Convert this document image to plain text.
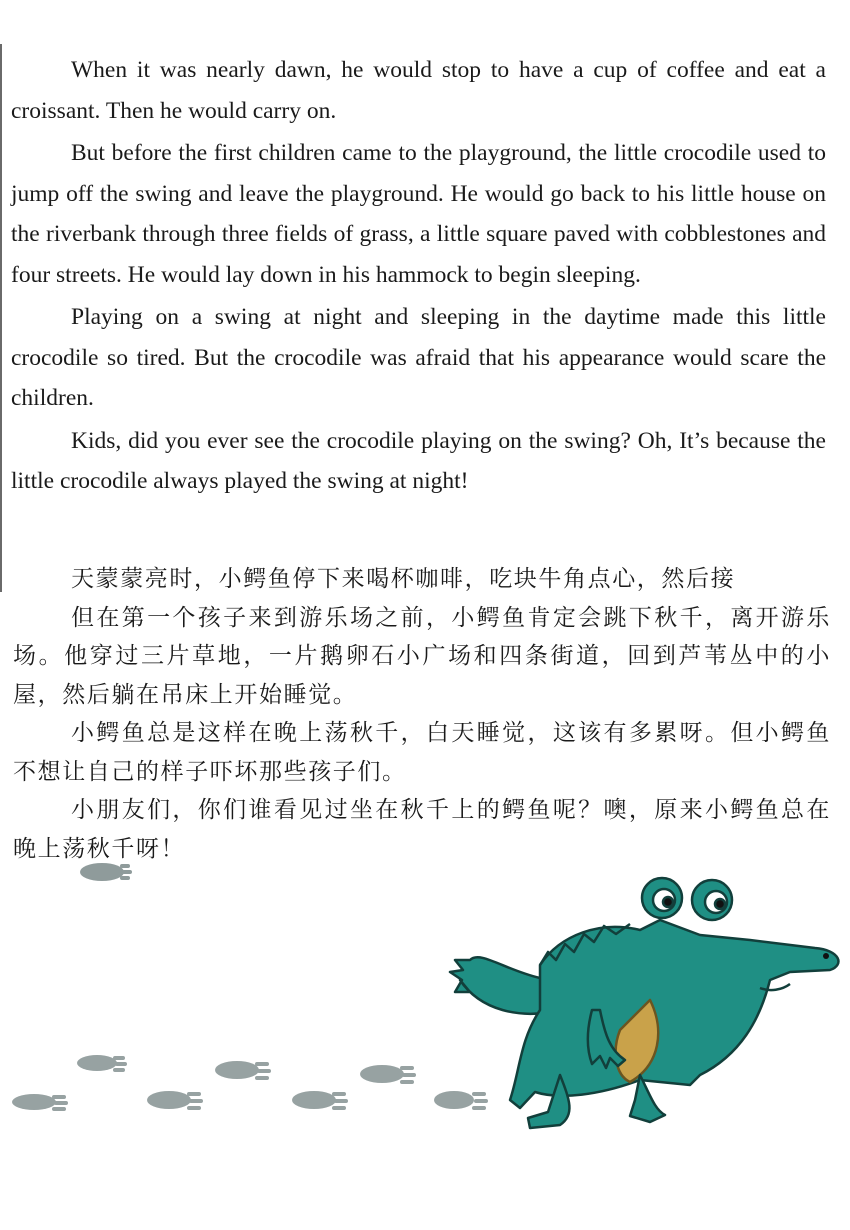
When it was nearly dawn, he would stop to have a cup of coffee and eat a croissant. Then he would carry on.

But before the first children came to the playground, the little crocodile used to jump off the swing and leave the playground. He would go back to his little house on the riverbank through three fields of grass, a little square paved with cobblestones and four streets. He would lay down in his hammock to begin sleeping.

Playing on a swing at night and sleeping in the daytime made this little crocodile so tired. But the crocodile was afraid that his appearance would scare the children.

Kids, did you ever see the crocodile playing on the swing? Oh, It’s because the little crocodile always played the swing at night!

天蒙蒙亮时，小鳄鱼停下来喝杯咖啡，吃块牛角点心，然后接

但在第一个孩子来到游乐场之前，小鳄鱼肯定会跳下秋千，离开游乐场。他穿过三片草地，一片鹅卵石小广场和四条街道，回到芦苇丛中的小屋，然后躺在吊床上开始睡觉。

小鳄鱼总是这样在晚上荡秋千，白天睡觉，这该有多累呀。但小鳄鱼不想让自己的样子吓坏那些孩子们。

小朋友们，你们谁看见过坐在秋千上的鳄鱼呢？噢，原来小鳄鱼总在晚上荡秋千呀！
